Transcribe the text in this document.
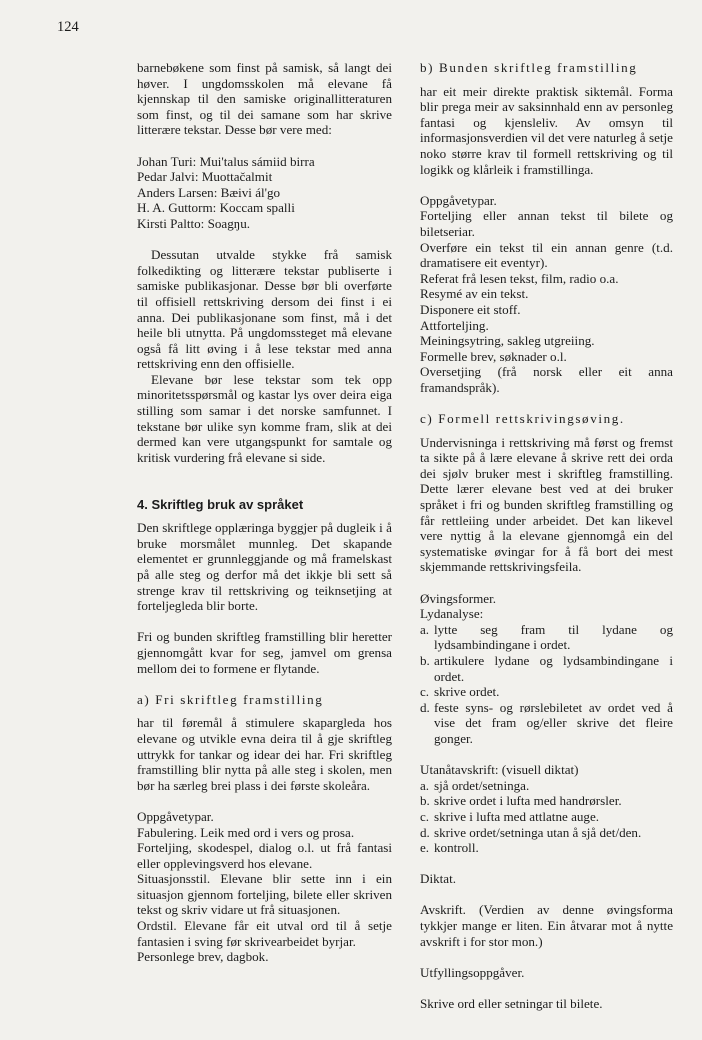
124

barnebøkene som finst på samisk, så langt dei høver. I ungdomsskolen må elevane få kjennskap til den samiske originallitteraturen som finst, og til dei samane som har skrive litterære tekstar. Desse bør vere med:

Johan Turi: Mui'talus sámiid birra
Pedar Jalvi: Muottačalmit
Anders Larsen: Bæivi ál'go
H. A. Guttorm: Koccam spalli
Kirsti Paltto: Soagŋu.

Dessutan utvalde stykke frå samisk folkedikting og litterære tekstar publiserte i samiske publikasjonar. Desse bør bli overførte til offisiell rettskriving dersom dei finst i ei anna. Dei publikasjonane som finst, må i det heile bli utnytta. På ungdomssteget må elevane også få litt øving i å lese tekstar med anna rettskriving enn den offisielle.

Elevane bør lese tekstar som tek opp minoritetsspørsmål og kastar lys over deira eiga stilling som samar i det norske samfunnet. I tekstane bør ulike syn komme fram, slik at dei dermed kan vere utgangspunkt for samtale og kritisk vurdering frå elevane si side.

4. Skriftleg bruk av språket

Den skriftlege opplæringa byggjer på dugleik i å bruke morsmålet munnleg. Det skapande elementet er grunnleggjande og må framelskast på alle steg og derfor må det ikkje bli sett så strenge krav til rettskriving og teiknsetjing at forteljegleda blir borte.

Fri og bunden skriftleg framstilling blir heretter gjennomgått kvar for seg, jamvel om grensa mellom dei to formene er flytande.

a) Fri skriftleg framstilling

har til føremål å stimulere skapargleda hos elevane og utvikle evna deira til å gje skriftleg uttrykk for tankar og idear dei har. Fri skriftleg framstilling blir nytta på alle steg i skolen, men bør ha særleg brei plass i dei første skoleåra.

Oppgåvetypar.
Fabulering. Leik med ord i vers og prosa.
Forteljing, skodespel, dialog o.l. ut frå fantasi eller opplevingsverd hos elevane.
Situasjonsstil. Elevane blir sette inn i ein situasjon gjennom forteljing, bilete eller skriven tekst og skriv vidare ut frå situasjonen.
Ordstil. Elevane får eit utval ord til å setje fantasien i sving før skrivearbeidet byrjar.
Personlege brev, dagbok.
b) Bunden skriftleg framstilling

har eit meir direkte praktisk siktemål. Forma blir prega meir av saksinnhald enn av personleg fantasi og kjensleliv. Av omsyn til informasjonsverdien vil det vere naturleg å setje noko større krav til formell rettskriving og til logikk og klårleik i framstillinga.

Oppgåvetypar.
Forteljing eller annan tekst til bilete og biletseriar.
Overføre ein tekst til ein annan genre (t.d. dramatisere eit eventyr).
Referat frå lesen tekst, film, radio o.a.
Resymé av ein tekst.
Disponere eit stoff.
Attforteljing.
Meiningsytring, sakleg utgreiing.
Formelle brev, søknader o.l.
Oversetjing (frå norsk eller eit anna framandspråk).
c) Formell rettskrivingsøving.

Undervisninga i rettskriving må først og fremst ta sikte på å lære elevane å skrive rett dei orda dei sjølv bruker mest i skriftleg framstilling. Dette lærer elevane best ved at dei bruker språket i fri og bunden skriftleg framstilling og får rettleiing under arbeidet. Det kan likevel vere nyttig å la elevane gjennomgå ein del systematiske øvingar for å få bort dei mest skjemmande rettskrivingsfeila.

Øvingsformer.
Lydanalyse:
a. lytte seg fram til lydane og lydsambindingane i ordet.
b. artikulere lydane og lydsambindingane i ordet.
c. skrive ordet.
d. feste syns- og rørslebiletet av ordet ved å vise det fram og/eller skrive det fleire gonger.
Utanåtavskrift: (visuell diktat)
a. sjå ordet/setninga.
b. skrive ordet i lufta med handrørsler.
c. skrive i lufta med attlatne auge.
d. skrive ordet/setninga utan å sjå det/den.
e. kontroll.

Diktat.

Avskrift. (Verdien av denne øvingsforma tykkjer mange er liten. Ein åtvarar mot å nytte avskrift i for stor mon.)

Utfyllingsoppgåver.

Skrive ord eller setningar til bilete.
